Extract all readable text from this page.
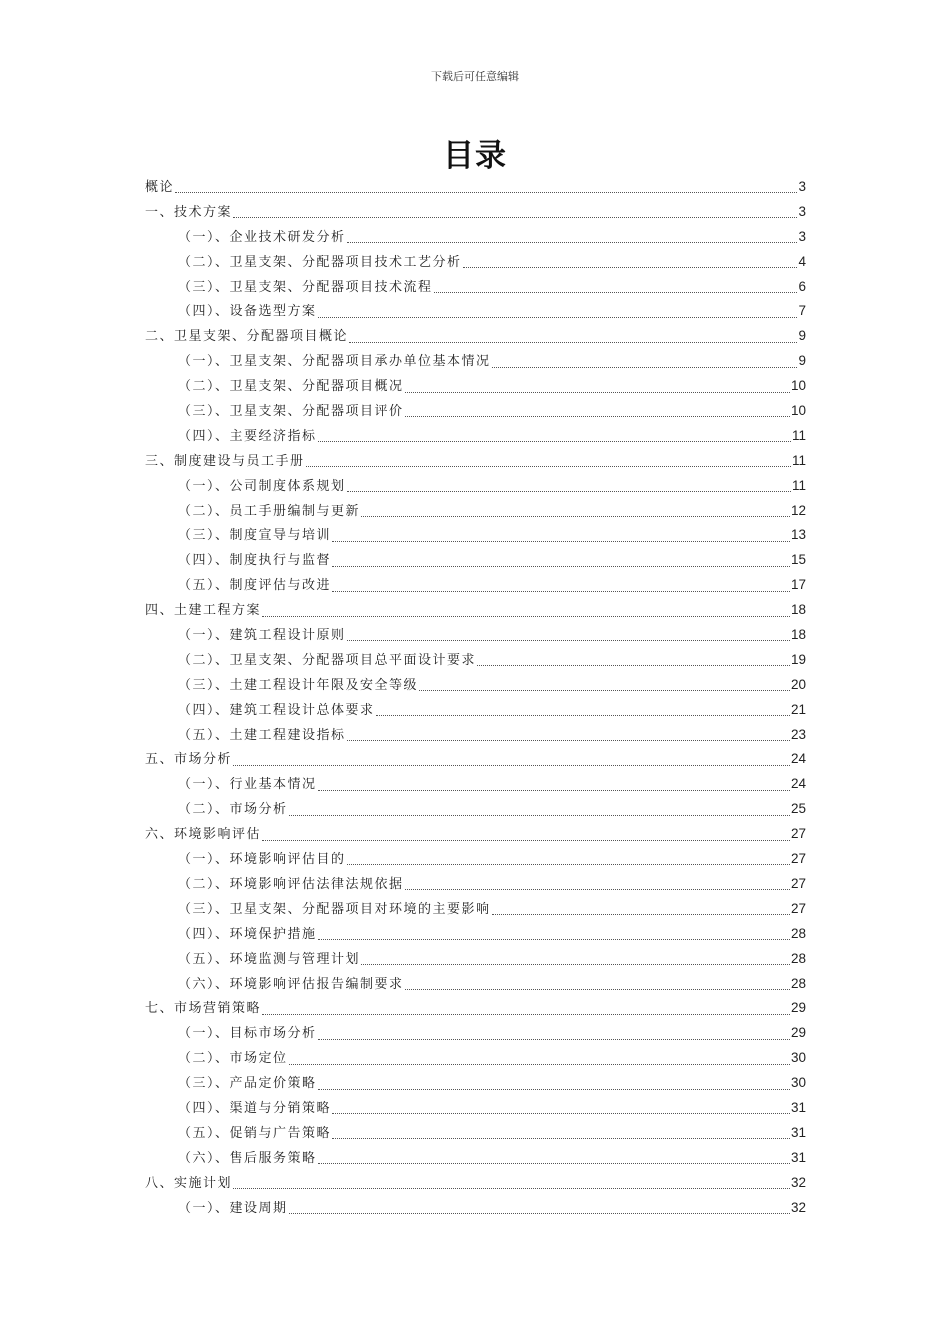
下载后可任意编辑
目录
概论	3
一、技术方案	3
（一）、企业技术研发分析	3
（二）、卫星支架、分配器项目技术工艺分析	4
（三）、卫星支架、分配器项目技术流程	6
（四）、设备选型方案	7
二、卫星支架、分配器项目概论	9
（一）、卫星支架、分配器项目承办单位基本情况	9
（二）、卫星支架、分配器项目概况	10
（三）、卫星支架、分配器项目评价	10
（四）、主要经济指标	11
三、制度建设与员工手册	11
（一）、公司制度体系规划	11
（二）、员工手册编制与更新	12
（三）、制度宣导与培训	13
（四）、制度执行与监督	15
（五）、制度评估与改进	17
四、土建工程方案	18
（一）、建筑工程设计原则	18
（二）、卫星支架、分配器项目总平面设计要求	19
（三）、土建工程设计年限及安全等级	20
（四）、建筑工程设计总体要求	21
（五）、土建工程建设指标	23
五、市场分析	24
（一）、行业基本情况	24
（二）、市场分析	25
六、环境影响评估	27
（一）、环境影响评估目的	27
（二）、环境影响评估法律法规依据	27
（三）、卫星支架、分配器项目对环境的主要影响	27
（四）、环境保护措施	28
（五）、环境监测与管理计划	28
（六）、环境影响评估报告编制要求	28
七、市场营销策略	29
（一）、目标市场分析	29
（二）、市场定位	30
（三）、产品定价策略	30
（四）、渠道与分销策略	31
（五）、促销与广告策略	31
（六）、售后服务策略	31
八、实施计划	32
（一）、建设周期	32
